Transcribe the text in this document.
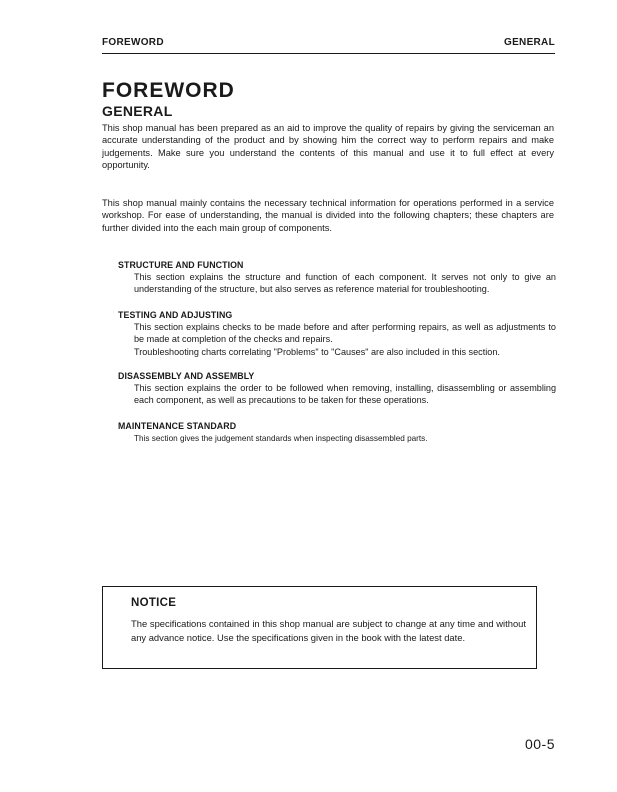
FOREWORD	GENERAL
FOREWORD
GENERAL

This shop manual has been prepared as an aid to improve the quality of repairs by giving the serviceman an accurate understanding of the product and by showing him the correct way to perform repairs and make judgements. Make sure you understand the contents of this manual and use it to full effect at every opportunity.

This shop manual mainly contains the necessary technical information for operations performed in a service workshop. For ease of understanding, the manual is divided into the following chapters; these chapters are further divided into the each main group of components.

STRUCTURE AND FUNCTION

This section explains the structure and function of each component. It serves not only to give an understanding of the structure, but also serves as reference material for troubleshooting.

TESTING AND ADJUSTING

This section explains checks to be made before and after performing repairs, as well as adjustments to be made at completion of the checks and repairs.

Troubleshooting charts correlating "Problems" to "Causes" are also included in this section.

DISASSEMBLY AND ASSEMBLY

This section explains the order to be followed when removing, installing, disassembling or assembling each component, as well as precautions to be taken for these operations.

MAINTENANCE STANDARD

This section gives the judgement standards when inspecting disassembled parts.

NOTICE

The specifications contained in this shop manual are subject to change at any time and without any advance notice. Use the specifications given in the book with the latest date.

00-5
